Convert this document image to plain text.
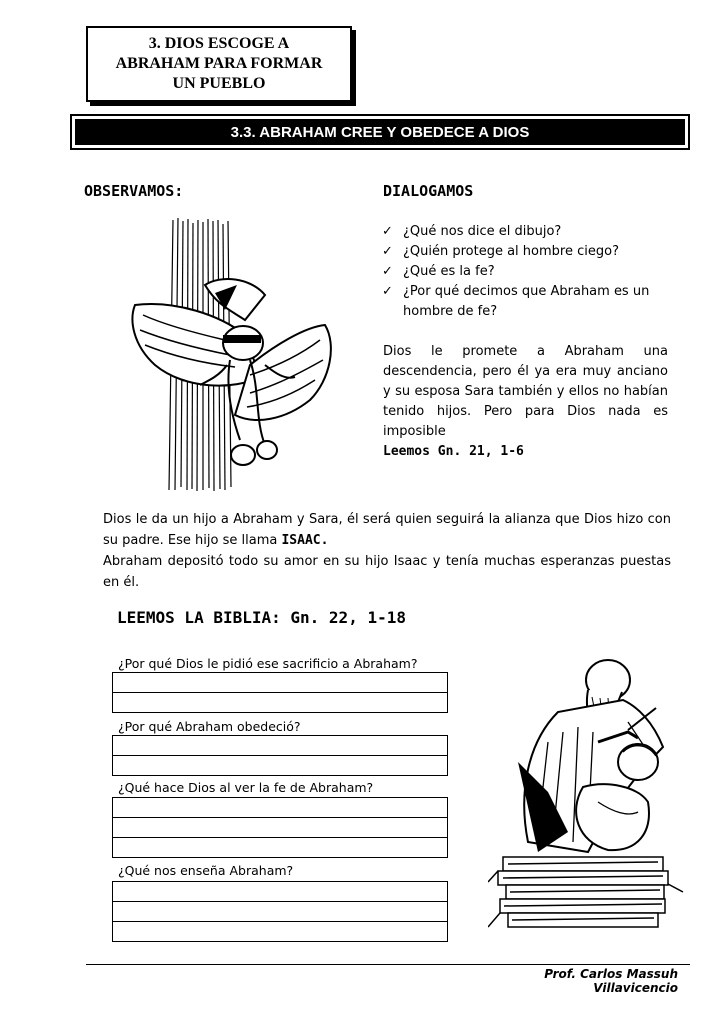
3. DIOS ESCOGE A
ABRAHAM PARA FORMAR
UN PUEBLO
3.3. ABRAHAM CREE Y OBEDECE A DIOS
OBSERVAMOS:	DIALOGAMOS
✓ ¿Qué nos dice el dibujo?
✓ ¿Quién protege al hombre ciego?
✓ ¿Qué es la fe?
✓ ¿Por qué decimos que Abraham es un hombre de fe?
Dios le promete a Abraham una descendencia, pero él ya era muy anciano y su esposa Sara también y ellos no habían tenido hijos. Pero para Dios nada es imposible
Leemos Gn. 21, 1-6
Dios le da un hijo a Abraham y Sara, él será quien seguirá la alianza que Dios hizo con su padre. Ese hijo se llama ISAAC.
Abraham depositó todo su amor en su hijo Isaac y tenía muchas esperanzas puestas en él.
LEEMOS LA BIBLIA: Gn. 22, 1-18
¿Por qué Dios le pidió ese sacrificio a Abraham?

¿Por qué Abraham obedeció?

¿Qué hace Dios al ver la fe de Abraham?

¿Qué nos enseña Abraham?

Prof. Carlos Massuh Villavicencio
